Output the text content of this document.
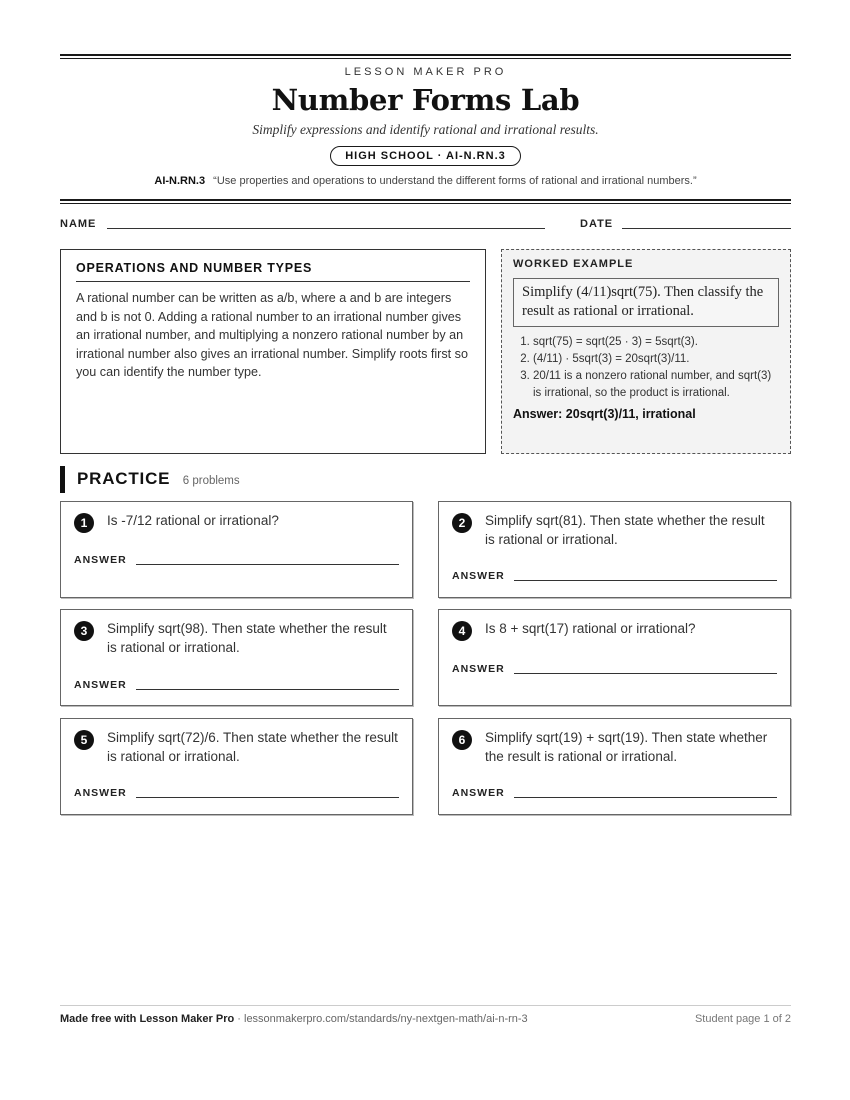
LESSON MAKER PRO
Number Forms Lab
Simplify expressions and identify rational and irrational results.
HIGH SCHOOL · AI-N.RN.3
AI-N.RN.3 “Use properties and operations to understand the different forms of rational and irrational numbers.”
NAME	DATE
OPERATIONS AND NUMBER TYPES

A rational number can be written as a/b, where a and b are integers and b is not 0. Adding a rational number to an irrational number gives an irrational number, and multiplying a nonzero rational number by an irrational number also gives an irrational number. Simplify roots first so you can identify the number type.

WORKED EXAMPLE
Simplify (4/11)sqrt(75). Then classify the result as rational or irrational.
1. sqrt(75) = sqrt(25 · 3) = 5sqrt(3).
2. (4/11) · 5sqrt(3) = 20sqrt(3)/11.
3. 20/11 is a nonzero rational number, and sqrt(3) is irrational, so the product is irrational.
Answer: 20sqrt(3)/11, irrational
PRACTICE 6 problems
1	Is -7/12 rational or irrational?
ANSWER
2	Simplify sqrt(81). Then state whether the result is rational or irrational.
ANSWER
3	Simplify sqrt(98). Then state whether the result is rational or irrational.
ANSWER
4	Is 8 + sqrt(17) rational or irrational?
ANSWER
5	Simplify sqrt(72)/6. Then state whether the result is rational or irrational.
ANSWER
6	Simplify sqrt(19) + sqrt(19). Then state whether the result is rational or irrational.
ANSWER
Made free with Lesson Maker Pro · lessonmakerpro.com/standards/ny-nextgen-math/ai-n-rn-3	Student page 1 of 2
